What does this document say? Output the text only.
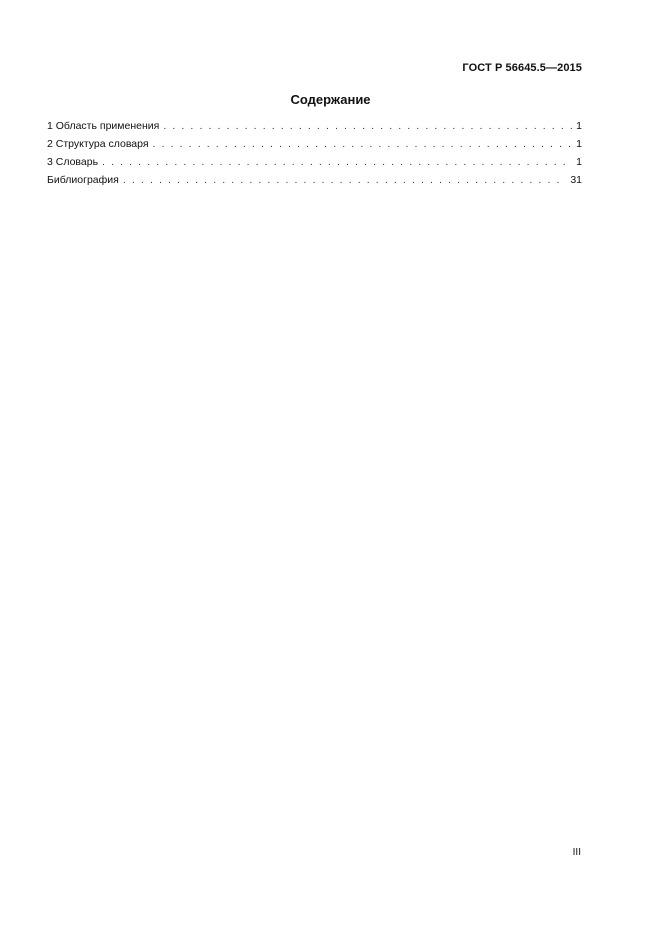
ГОСТ Р 56645.5—2015
Содержание
1 Область применения . . .	1
2 Структура словаря . . .	1
3 Словарь . . .	1
Библиография . . .	31
III
